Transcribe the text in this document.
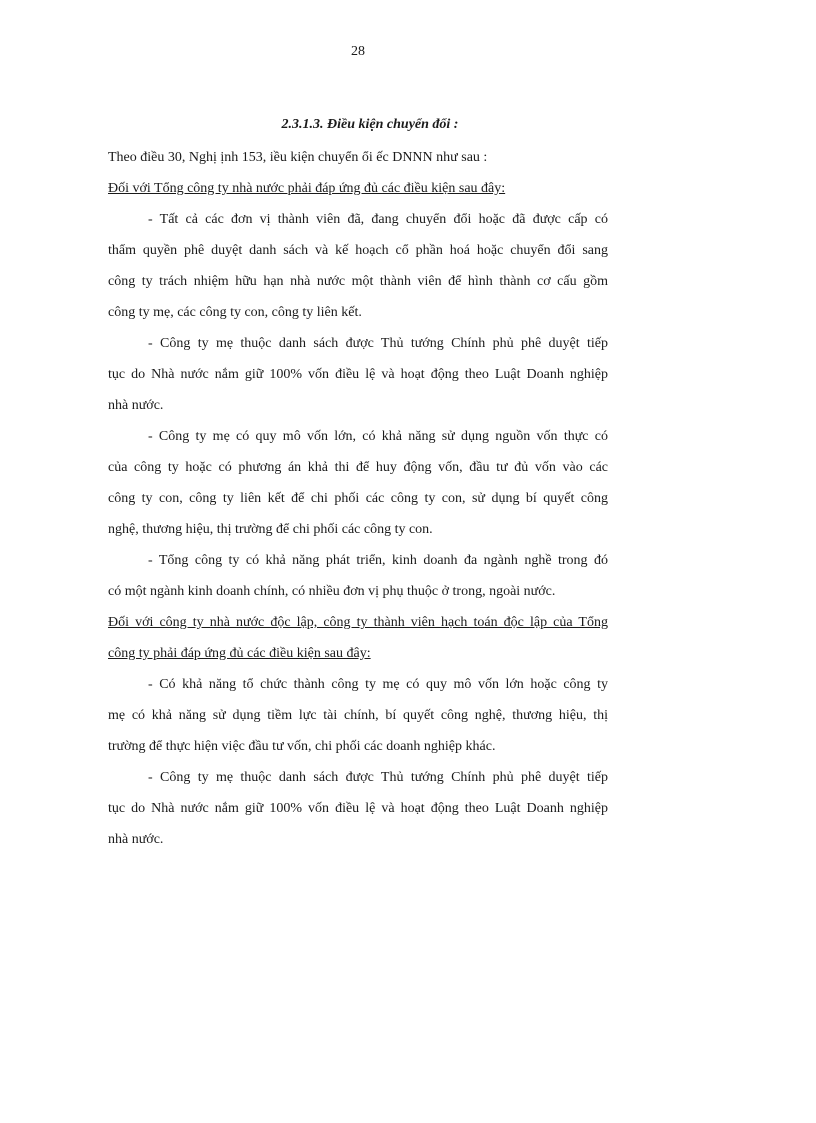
28
2.3.1.3. Điều kiện chuyển đổi :
Theo điều 30, Nghị ịnh 153, iều kiện chuyển ổi ếc DNNN như sau :
Đối với Tổng công ty nhà nước phải đáp ứng đủ các điều kiện sau đây:
- Tất cả các đơn vị thành viên đã, đang chuyển đổi hoặc đã được cấp có
thẩm quyền phê duyệt danh sách và kế hoạch cổ phần hoá hoặc chuyển đổi sang
công ty trách nhiệm hữu hạn nhà nước một thành viên để hình thành cơ cấu gồm
công ty mẹ, các công ty con, công ty liên kết.
- Công ty mẹ thuộc danh sách được Thủ tướng Chính phủ phê duyệt tiếp
tục do Nhà nước nắm giữ 100% vốn điều lệ và hoạt động theo Luật Doanh nghiệp
nhà nước.
- Công ty mẹ có quy mô vốn lớn, có khả năng sử dụng nguồn vốn thực có
của công ty hoặc có phương án khả thi để huy động vốn, đầu tư đủ vốn vào các
công ty con, công ty liên kết để chi phối các công ty con, sử dụng bí quyết công
nghệ, thương hiệu, thị trường để chi phối các công ty con.
- Tổng công ty có khả năng phát triển, kinh doanh đa ngành nghề trong đó
có một ngành kinh doanh chính, có nhiều đơn vị phụ thuộc ở trong, ngoài nước.
Đối với công ty nhà nước độc lập, công ty thành viên hạch toán độc lập của Tổng
công ty phải đáp ứng đủ các điều kiện sau đây:
- Có khả năng tổ chức thành công ty mẹ có quy mô vốn lớn hoặc công ty
mẹ có khả năng sử dụng tiềm lực tài chính, bí quyết công nghệ, thương hiệu, thị
trường để thực hiện việc đầu tư vốn, chi phối các doanh nghiệp khác.
- Công ty mẹ thuộc danh sách được Thủ tướng Chính phủ phê duyệt tiếp
tục do Nhà nước nắm giữ 100% vốn điều lệ và hoạt động theo Luật Doanh nghiệp
nhà nước.
